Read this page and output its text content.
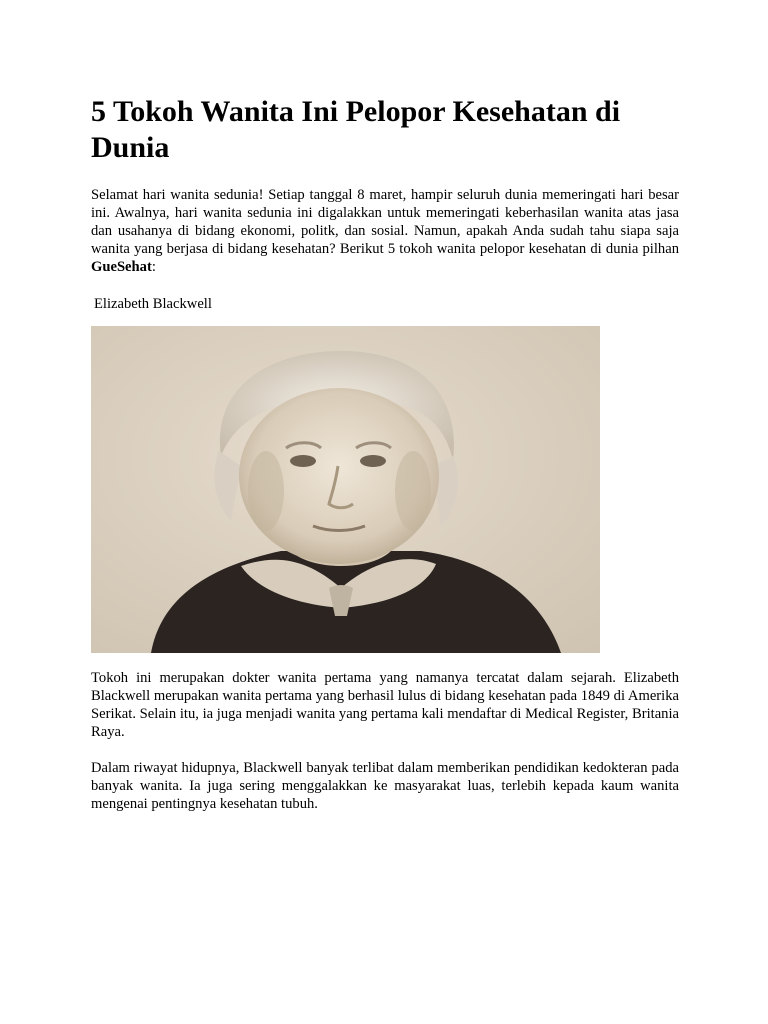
5 Tokoh Wanita Ini Pelopor Kesehatan di Dunia

Selamat hari wanita sedunia! Setiap tanggal 8 maret, hampir seluruh dunia memeringati hari besar ini. Awalnya, hari wanita sedunia ini digalakkan untuk memeringati keberhasilan wanita atas jasa dan usahanya di bidang ekonomi, politk, dan sosial. Namun, apakah Anda sudah tahu siapa saja wanita yang berjasa di bidang kesehatan? Berikut 5 tokoh wanita pelopor kesehatan di dunia pilhan GueSehat:

Elizabeth Blackwell

Tokoh ini merupakan dokter wanita pertama yang namanya tercatat dalam sejarah. Elizabeth Blackwell merupakan wanita pertama yang berhasil lulus di bidang kesehatan pada 1849 di Amerika Serikat. Selain itu, ia juga menjadi wanita yang pertama kali mendaftar di Medical Register, Britania Raya.

Dalam riwayat hidupnya, Blackwell banyak terlibat dalam memberikan pendidikan kedokteran pada banyak wanita. Ia juga sering menggalakkan ke masyarakat luas, terlebih kepada kaum wanita mengenai pentingnya kesehatan tubuh.
